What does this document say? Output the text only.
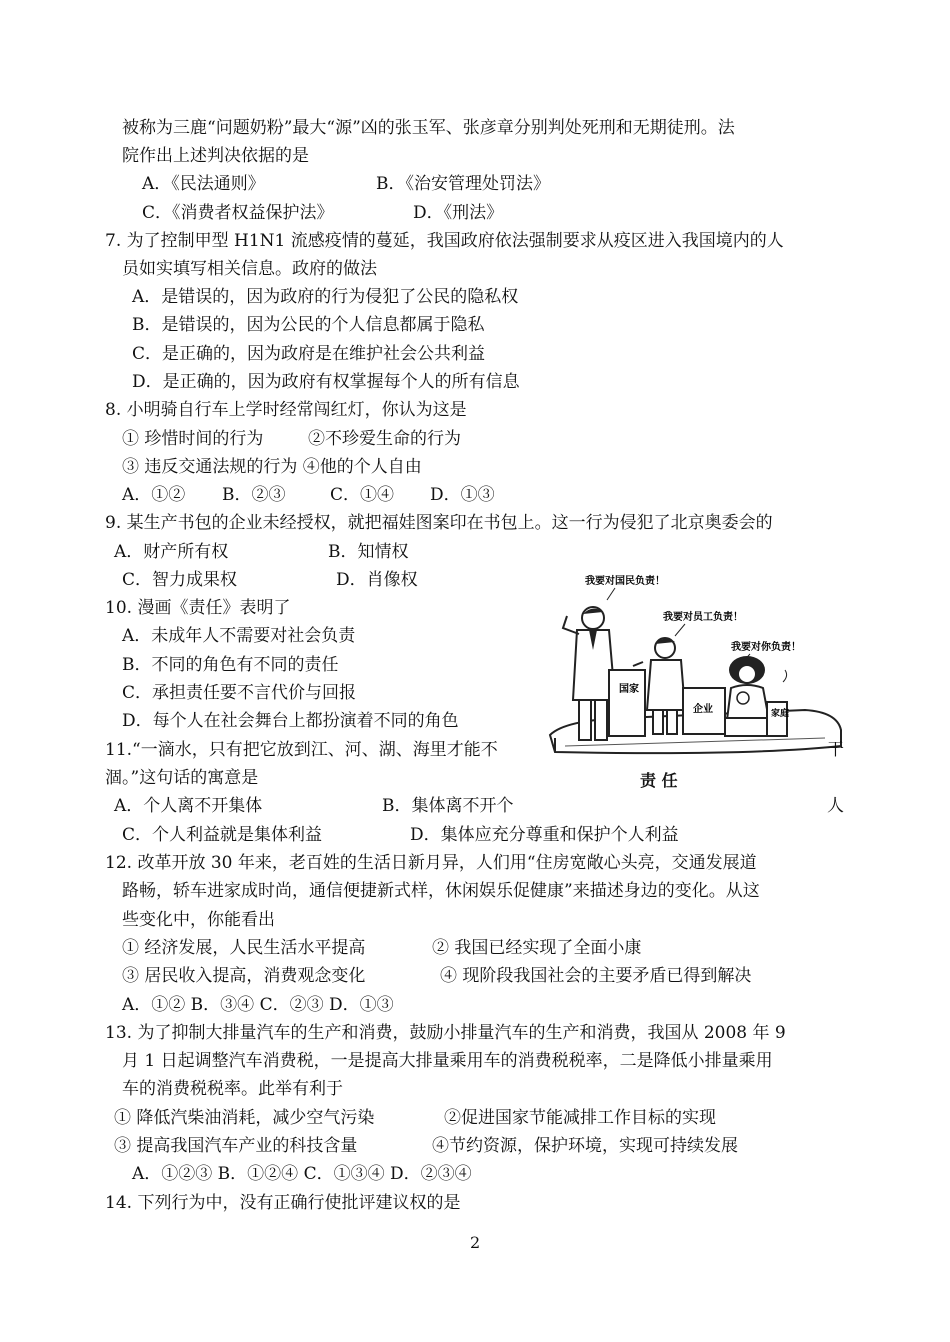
被称为三鹿“问题奶粉”最大“源”凶的张玉军、张彦章分别判处死刑和无期徒刑。法
院作出上述判决依据的是
A．《民法通则》	B．《治安管理处罚法》
C．《消费者权益保护法》	D．《刑法》
7. 为了控制甲型 H1N1 流感疫情的蔓延，我国政府依法强制要求从疫区进入我国境内的人
员如实填写相关信息。政府的做法
A．是错误的，因为政府的行为侵犯了公民的隐私权
B．是错误的，因为公民的个人信息都属于隐私
C．是正确的，因为政府是在维护社会公共利益
D．是正确的，因为政府有权掌握每个人的所有信息
8. 小明骑自行车上学时经常闯红灯，你认为这是
① 珍惜时间的行为	②不珍爱生命的行为
③ 违反交通法规的行为 ④他的个人自由
A．①② B．②③	C．①④ D．①③
9. 某生产书包的企业未经授权，就把福娃图案印在书包上。这一行为侵犯了北京奥委会的
A．财产所有权	B．知情权
C．智力成果权	D．肖像权
10. 漫画《责任》表明了
A．未成年人不需要对社会负责
B．不同的角色有不同的责任
C．承担责任要不言代价与回报
D．每个人在社会舞台上都扮演着不同的角色
我要对国民负责！
我要对员工负责！
我要对你负责！
国家
企业	家庭
责 任
11.“一滴水，只有把它放到江、河、湖、海里才能不	干
涸。”这句话的寓意是
A．个人离不开集体	B．集体离不开个	人
C．个人利益就是集体利益	D．集体应充分尊重和保护个人利益
12. 改革开放 30 年来，老百姓的生活日新月异，人们用“住房宽敞心头亮，交通发展道
路畅，轿车进家成时尚，通信便捷新式样，休闲娱乐促健康”来描述身边的变化。从这
些变化中，你能看出
① 经济发展，人民生活水平提高	② 我国已经实现了全面小康
③ 居民收入提高，消费观念变化	④ 现阶段我国社会的主要矛盾已得到解决
A．①② B．③④ C．②③ D．①③
13. 为了抑制大排量汽车的生产和消费，鼓励小排量汽车的生产和消费，我国从 2008 年 9
月 1 日起调整汽车消费税，一是提高大排量乘用车的消费税税率，二是降低小排量乘用
车的消费税税率。此举有利于
① 降低汽柴油消耗，减少空气污染	②促进国家节能减排工作目标的实现
③ 提高我国汽车产业的科技含量	④节约资源，保护环境，实现可持续发展
A．①②③ B．①②④ C．①③④ D．②③④
14. 下列行为中，没有正确行使批评建议权的是
2
